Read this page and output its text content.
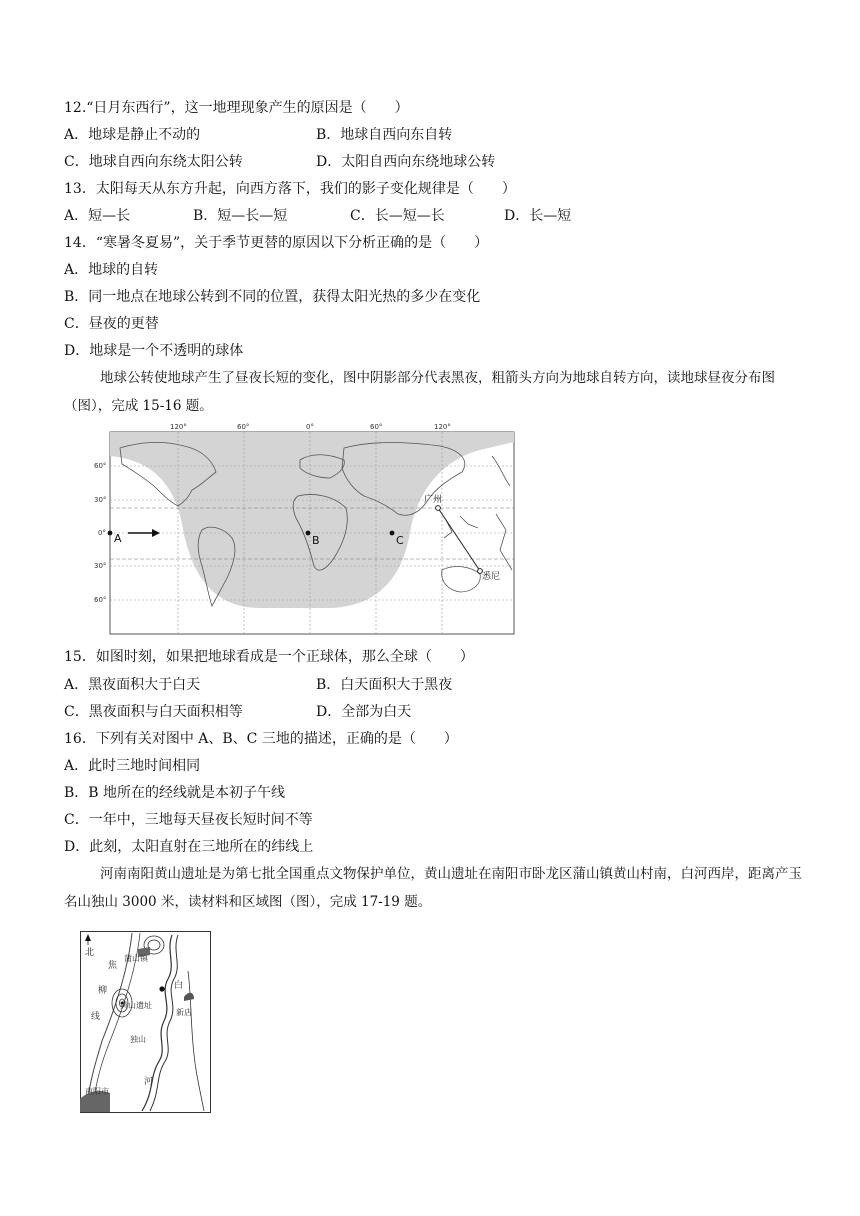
12.“日月东西行”，这一地理现象产生的原因是（　　）
A．地球是静止不动的	B．地球自西向东自转
C．地球自西向东绕太阳公转	D．太阳自西向东绕地球公转
13．太阳每天从东方升起，向西方落下，我们的影子变化规律是（　　）
A．短—长	B．短—长—短	C．长—短—长	D．长—短
14．“寒暑冬夏易”，关于季节更替的原因以下分析正确的是（　　）
A．地球的自转
B．同一地点在地球公转到不同的位置，获得太阳光热的多少在变化
C．昼夜的更替
D．地球是一个不透明的球体
地球公转使地球产生了昼夜长短的变化，图中阴影部分代表黑夜，粗箭头方向为地球自转方向，读地球昼夜分布图（图），完成 15-16 题。
广州
悉尼
A	B	C
120°	60°	0°	60°	120°
60°
30°
0°
30°
60°
15．如图时刻，如果把地球看成是一个正球体，那么全球（　　）
A．黑夜面积大于白天	B．白天面积大于黑夜
C．黑夜面积与白天面积相等	D．全部为白天
16．下列有关对图中 A、B、C 三地的描述，正确的是（　　）
A．此时三地时间相同
B．B 地所在的经线就是本初子午线
C．一年中，三地每天昼夜长短时间不等
D．此刻，太阳直射在三地所在的纬线上
河南南阳黄山遗址是为第七批全国重点文物保护单位，黄山遗址在南阳市卧龙区蒲山镇黄山村南，白河西岸，距离产玉名山独山 3000 米，读材料和区域图（图），完成 17-19 题。
北
焦
柳
线
白
河
蒲山镇
黄山遗址
新店
独山
南阳市
